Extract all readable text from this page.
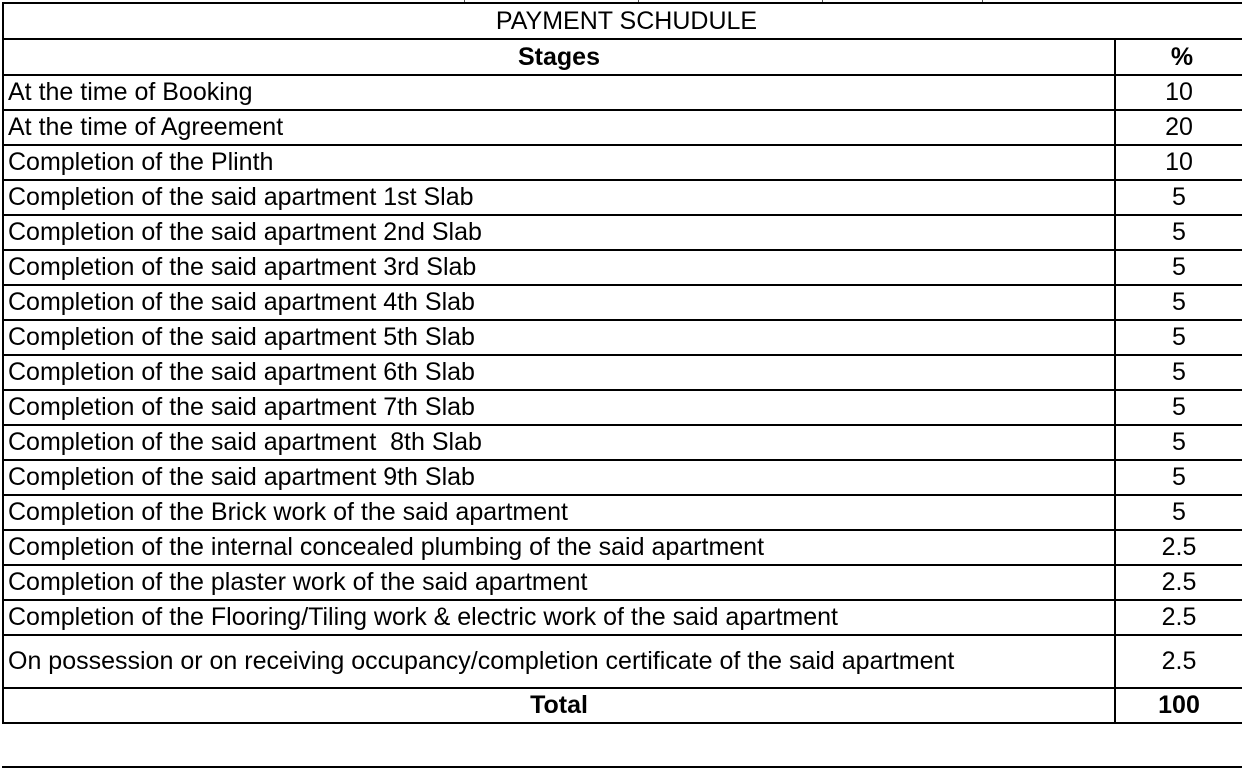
PAYMENT SCHUDULE	
Stages	%
At the time of Booking	10
At the time of Agreement	20
Completion of the Plinth	10
Completion of the said apartment 1st Slab	5
Completion of the said apartment 2nd Slab	5
Completion of the said apartment 3rd Slab	5
Completion of the said apartment 4th Slab	5
Completion of the said apartment 5th Slab	5
Completion of the said apartment 6th Slab	5
Completion of the said apartment 7th Slab	5
Completion of the said apartment  8th Slab	5
Completion of the said apartment 9th Slab	5
Completion of the Brick work of the said apartment	5
Completion of the internal concealed plumbing of the said apartment	2.5
Completion of the plaster work of the said apartment	2.5
Completion of the Flooring/Tiling work & electric work of the said apartment	2.5
On possession or on receiving occupancy/completion certificate of the said apartment	2.5
Total	100
